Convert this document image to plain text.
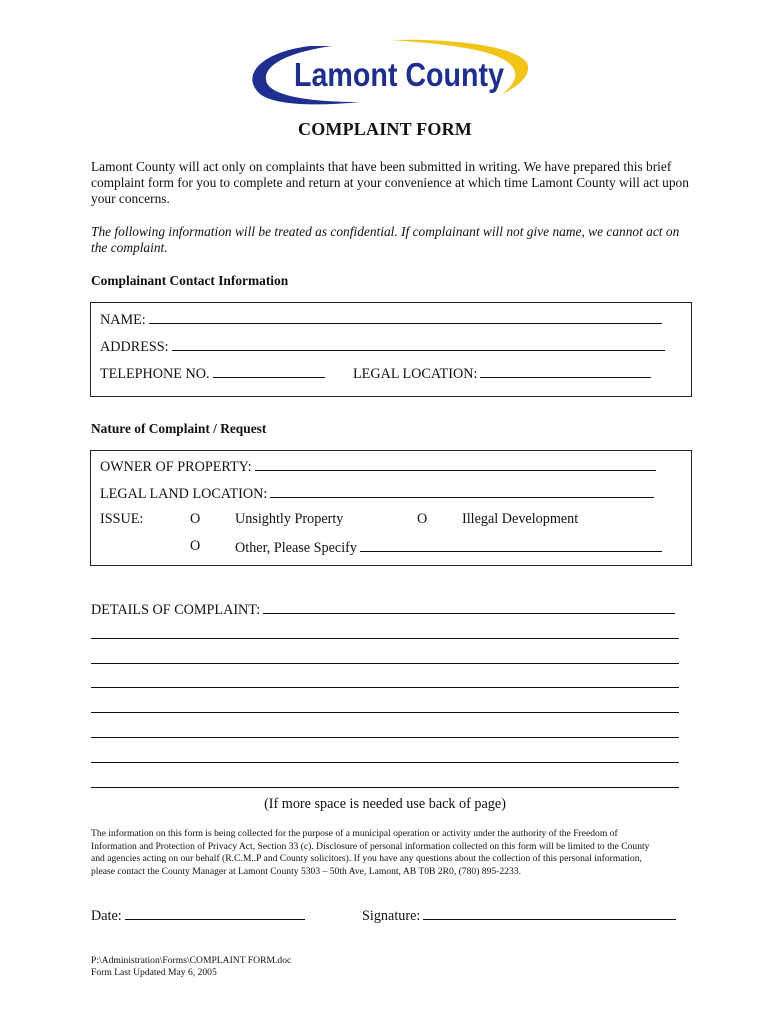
Lamont County
COMPLAINT FORM
Lamont County will act only on complaints that have been submitted in writing. We have prepared this brief complaint form for you to complete and return at your convenience at which time Lamont County will act upon your concerns.
The following information will be treated as confidential. If complainant will not give name, we cannot act on the complaint.
Complainant Contact Information
NAME:
ADDRESS:
TELEPHONE NO.	LEGAL LOCATION:
Nature of Complaint / Request
OWNER OF PROPERTY:
LEGAL LAND LOCATION:
ISSUE:	O Unsightly Property	O Illegal Development
O Other, Please Specify
DETAILS OF COMPLAINT:
(If more space is needed use back of page)
The information on this form is being collected for the purpose of a municipal operation or activity under the authority of the Freedom of Information and Protection of Privacy Act, Section 33 (c). Disclosure of personal information collected on this form will be limited to the County and agencies acting on our behalf (R.C.M..P and County solicitors). If you have any questions about the collection of this personal information, please contact the County Manager at Lamont County 5303 – 50th Ave, Lamont, AB T0B 2R0, (780) 895-2233.
Date:	Signature:
P:\Administration\Forms\COMPLAINT FORM.doc
Form Last Updated May 6, 2005
